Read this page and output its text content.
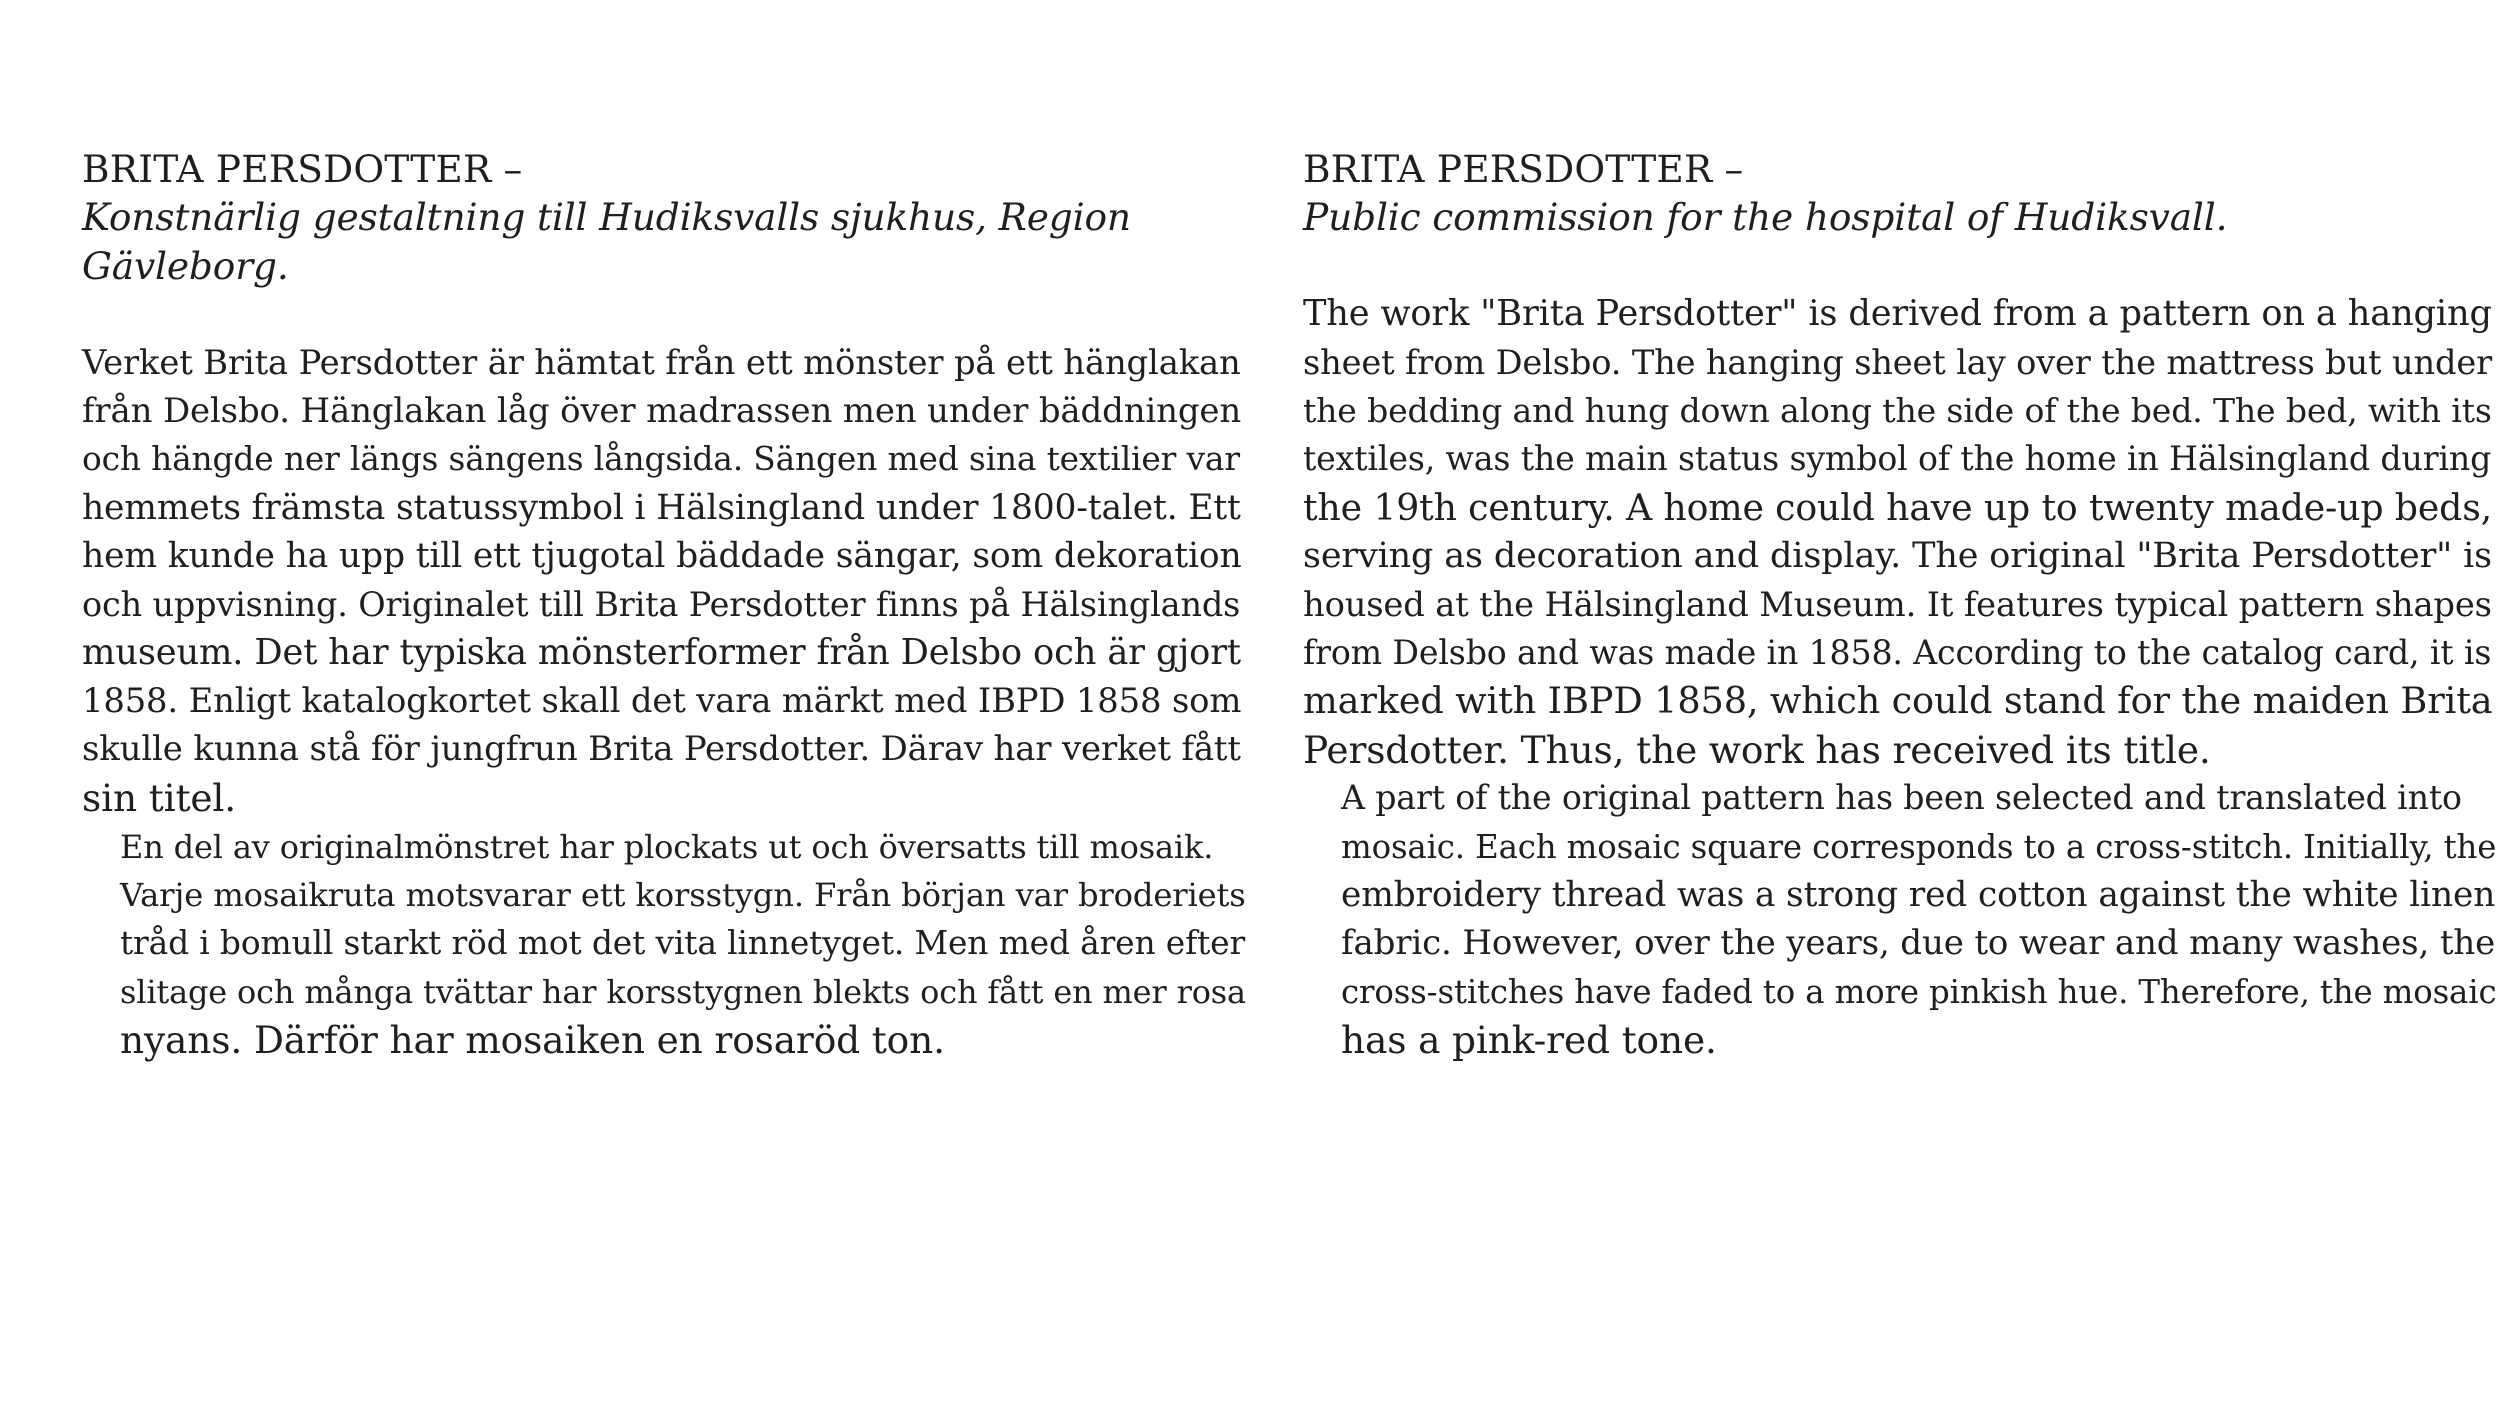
BRITA PERSDOTTER –

Konstnärlig gestaltning till Hudiksvalls sjukhus, Region Gävleborg.

Verket Brita Persdotter är hämtat från ett mönster på ett hänglakan
från Delsbo. Hänglakan låg över madrassen men under bäddningen
och hängde ner längs sängens långsida. Sängen med sina textilier var
hemmets främsta statussymbol i Hälsingland under 1800-talet. Ett
hem kunde ha upp till ett tjugotal bäddade sängar, som dekoration
och uppvisning. Originalet till Brita Persdotter finns på Hälsinglands
museum. Det har typiska mönsterformer från Delsbo och är gjort
1858. Enligt katalogkortet skall det vara märkt med IBPD 1858 som
skulle kunna stå för jungfrun Brita Persdotter. Därav har verket fått
sin titel.

En del av originalmönstret har plockats ut och översatts till mosaik.
Varje mosaikruta motsvarar ett korsstygn. Från början var broderiets
tråd i bomull starkt röd mot det vita linnetyget. Men med åren efter
slitage och många tvättar har korsstygnen blekts och fått en mer rosa
nyans. Därför har mosaiken en rosaröd ton.

BRITA PERSDOTTER –

Public commission for the hospital of Hudiksvall.

The work "Brita Persdotter" is derived from a pattern on a hanging
sheet from Delsbo. The hanging sheet lay over the mattress but under
the bedding and hung down along the side of the bed. The bed, with its
textiles, was the main status symbol of the home in Hälsingland during
the 19th century. A home could have up to twenty made-up beds,
serving as decoration and display. The original "Brita Persdotter" is
housed at the Hälsingland Museum. It features typical pattern shapes
from Delsbo and was made in 1858. According to the catalog card, it is
marked with IBPD 1858, which could stand for the maiden Brita
Persdotter. Thus, the work has received its title.

A part of the original pattern has been selected and translated into
mosaic. Each mosaic square corresponds to a cross-stitch. Initially, the
embroidery thread was a strong red cotton against the white linen
fabric. However, over the years, due to wear and many washes, the
cross-stitches have faded to a more pinkish hue. Therefore, the mosaic
has a pink-red tone.
